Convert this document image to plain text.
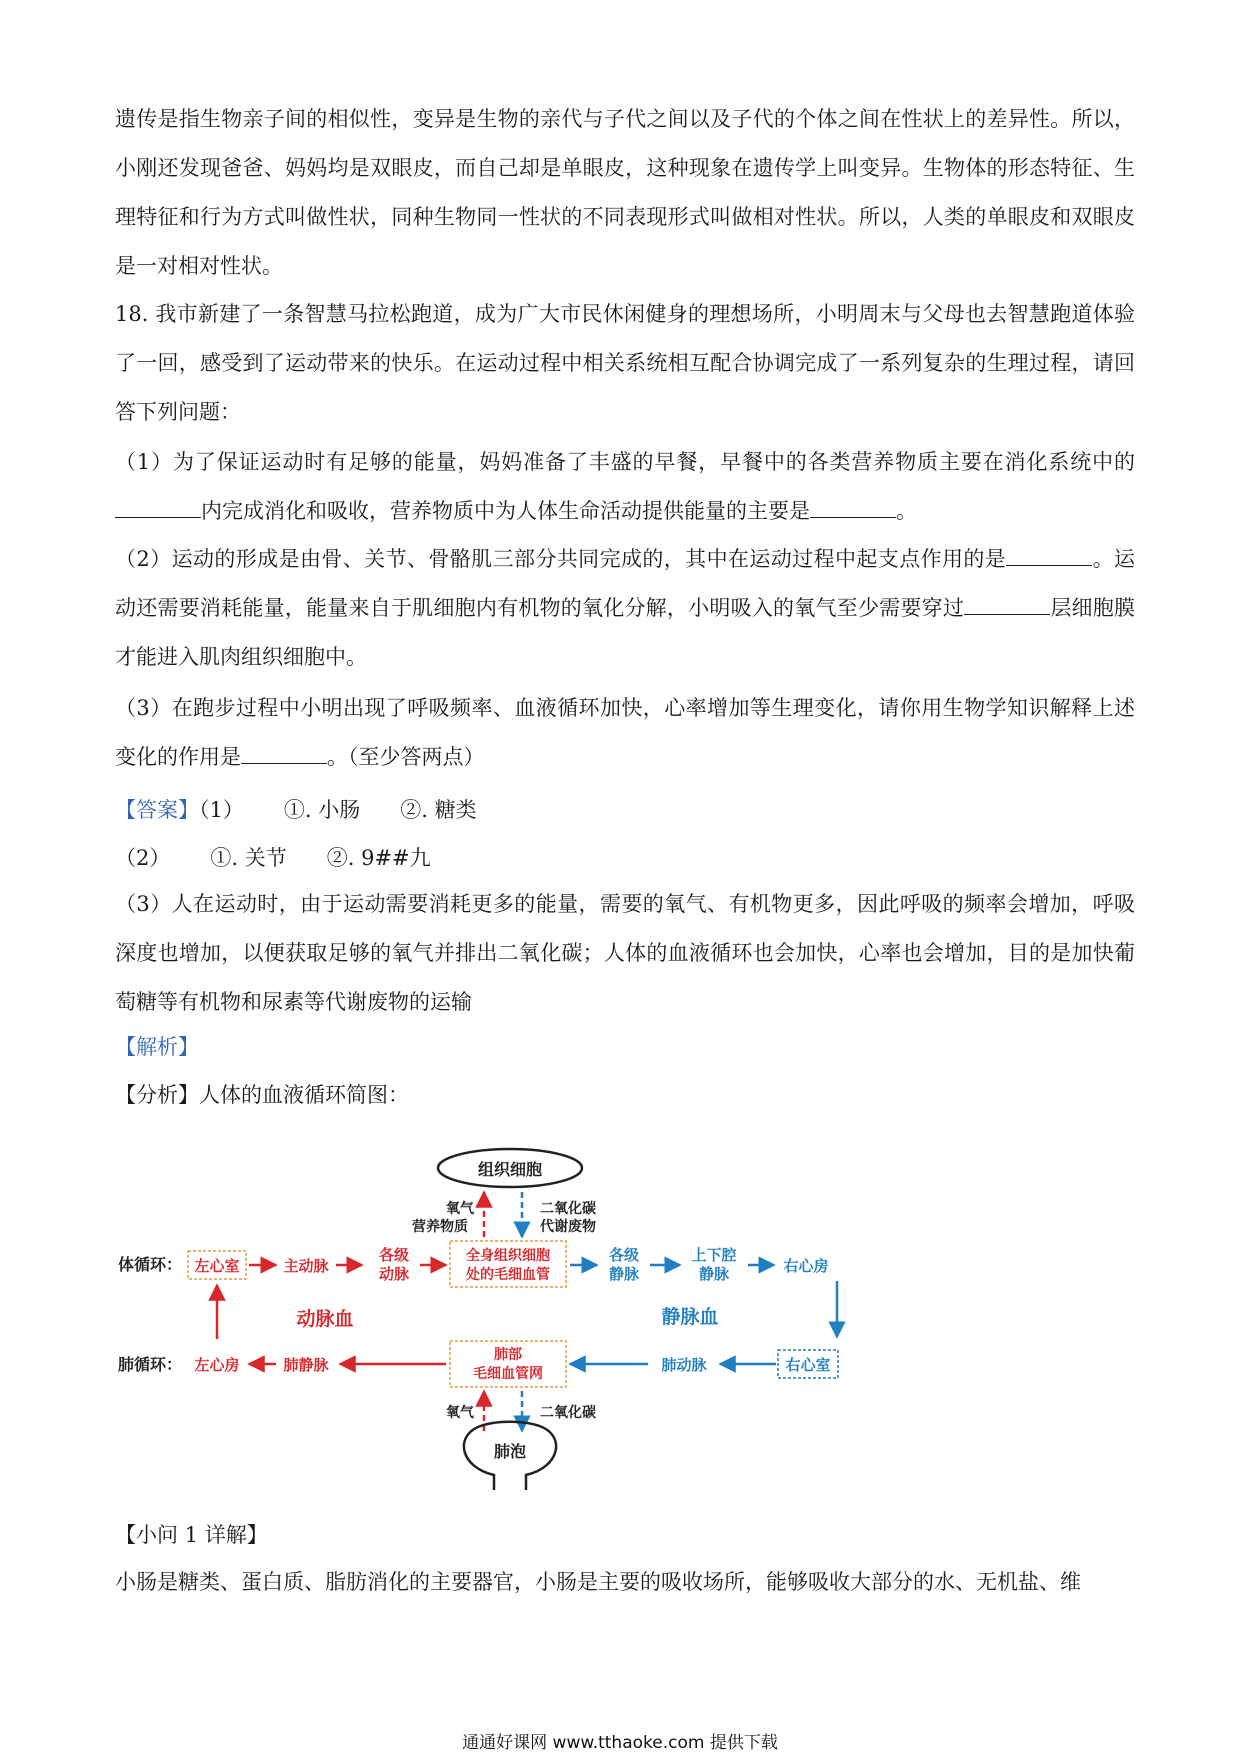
遗传是指生物亲子间的相似性，变异是生物的亲代与子代之间以及子代的个体之间在性状上的差异性。所以，小刚还发现爸爸、妈妈均是双眼皮，而自己却是单眼皮，这种现象在遗传学上叫变异。生物体的形态特征、生理特征和行为方式叫做性状，同种生物同一性状的不同表现形式叫做相对性状。所以，人类的单眼皮和双眼皮是一对相对性状。

18. 我市新建了一条智慧马拉松跑道，成为广大市民休闲健身的理想场所，小明周末与父母也去智慧跑道体验了一回，感受到了运动带来的快乐。在运动过程中相关系统相互配合协调完成了一系列复杂的生理过程，请回答下列问题：

（1）为了保证运动时有足够的能量，妈妈准备了丰盛的早餐，早餐中的各类营养物质主要在消化系统中的内完成消化和吸收，营养物质中为人体生命活动提供能量的主要是	。

（2）运动的形成是由骨、关节、骨骼肌三部分共同完成的，其中在运动过程中起支点作用的是	。运动还需要消耗能量，能量来自于肌细胞内有机物的氧化分解，小明吸入的氧气至少需要穿过	层细胞膜才能进入肌肉组织细胞中。

（3）在跑步过程中小明出现了呼吸频率、血液循环加快，心率增加等生理变化，请你用生物学知识解释上述变化的作用是	。（至少答两点）

【答案】（1） ①. 小肠 ②. 糖类

（2） ①. 关节 ②. 9##九

（3）人在运动时，由于运动需要消耗更多的能量，需要的氧气、有机物更多，因此呼吸的频率会增加，呼吸深度也增加，以便获取足够的氧气并排出二氧化碳；人体的血液循环也会加快，心率也会增加，目的是加快葡萄糖等有机物和尿素等代谢废物的运输

【解析】

【分析】人体的血液循环简图：

组织细胞
氧气
营养物质
二氧化碳
代谢废物
体循环： 左心室	主动脉
各级
动脉
全身组织细胞
处的毛细血管
各级
静脉
上下腔
静脉	右心房
动脉血	静脉血
肺循环： 左心房	肺静脉
肺部
毛细血管网	肺动脉	右心室
氧气	二氧化碳
肺泡

【小问 1 详解】

小肠是糖类、蛋白质、脂肪消化的主要器官，小肠是主要的吸收场所，能够吸收大部分的水、无机盐、维

通通好课网 www.tthaoke.com 提供下载
